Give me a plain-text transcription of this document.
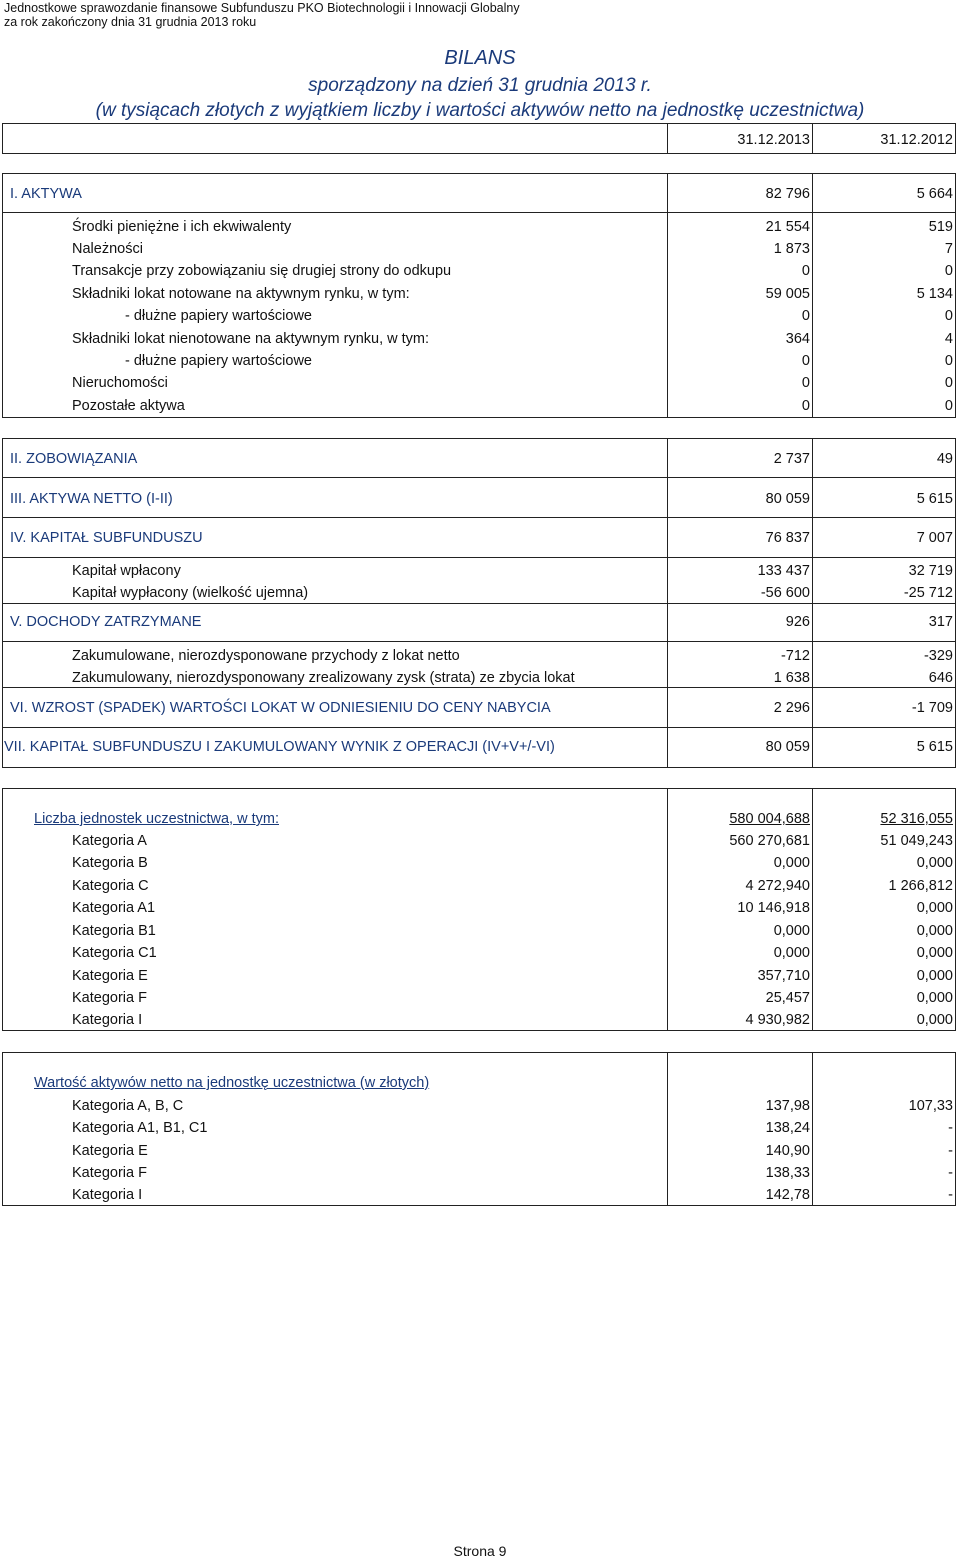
Jednostkowe sprawozdanie finansowe Subfunduszu PKO Biotechnologii i Innowacji Globalny
za rok zakończony dnia 31 grudnia 2013 roku
BILANS
sporządzony na dzień 31 grudnia 2013 r.
(w tysiącach złotych z wyjątkiem liczby i wartości aktywów netto na jednostkę uczestnictwa)
31.12.2013	31.12.2012
I. AKTYWA	82 796	5 664
Środki pieniężne i ich ekwiwalenty	21 554	519
Należności	1 873	7
Transakcje przy zobowiązaniu się drugiej strony do odkupu	0	0
Składniki lokat notowane na aktywnym rynku, w tym:	59 005	5 134
- dłużne papiery wartościowe	0	0
Składniki lokat nienotowane na aktywnym rynku, w tym:	364	4
- dłużne papiery wartościowe	0	0
Nieruchomości	0	0
Pozostałe aktywa	0	0
II. ZOBOWIĄZANIA	2 737	49
III. AKTYWA NETTO (I-II)	80 059	5 615
IV. KAPITAŁ SUBFUNDUSZU	76 837	7 007
Kapitał wpłacony	133 437	32 719
Kapitał wypłacony (wielkość ujemna)	-56 600	-25 712
V. DOCHODY ZATRZYMANE	926	317
Zakumulowane, nierozdysponowane przychody z lokat netto	-712	-329
Zakumulowany, nierozdysponowany zrealizowany zysk (strata) ze zbycia lokat	1 638	646
VI. WZROST (SPADEK) WARTOŚCI LOKAT W ODNIESIENIU DO CENY NABYCIA	2 296	-1 709
VII. KAPITAŁ SUBFUNDUSZU I ZAKUMULOWANY WYNIK Z OPERACJI (IV+V+/-VI)	80 059	5 615
Liczba jednostek uczestnictwa, w tym:	580 004,688	52 316,055
Kategoria A	560 270,681	51 049,243
Kategoria B	0,000	0,000
Kategoria C	4 272,940	1 266,812
Kategoria A1	10 146,918	0,000
Kategoria B1	0,000	0,000
Kategoria C1	0,000	0,000
Kategoria E	357,710	0,000
Kategoria F	25,457	0,000
Kategoria I	4 930,982	0,000
Wartość aktywów netto na jednostkę uczestnictwa (w złotych)
Kategoria A, B, C	137,98	107,33
Kategoria A1, B1, C1	138,24	-
Kategoria E	140,90	-
Kategoria F	138,33	-
Kategoria I	142,78	-
Strona 9
